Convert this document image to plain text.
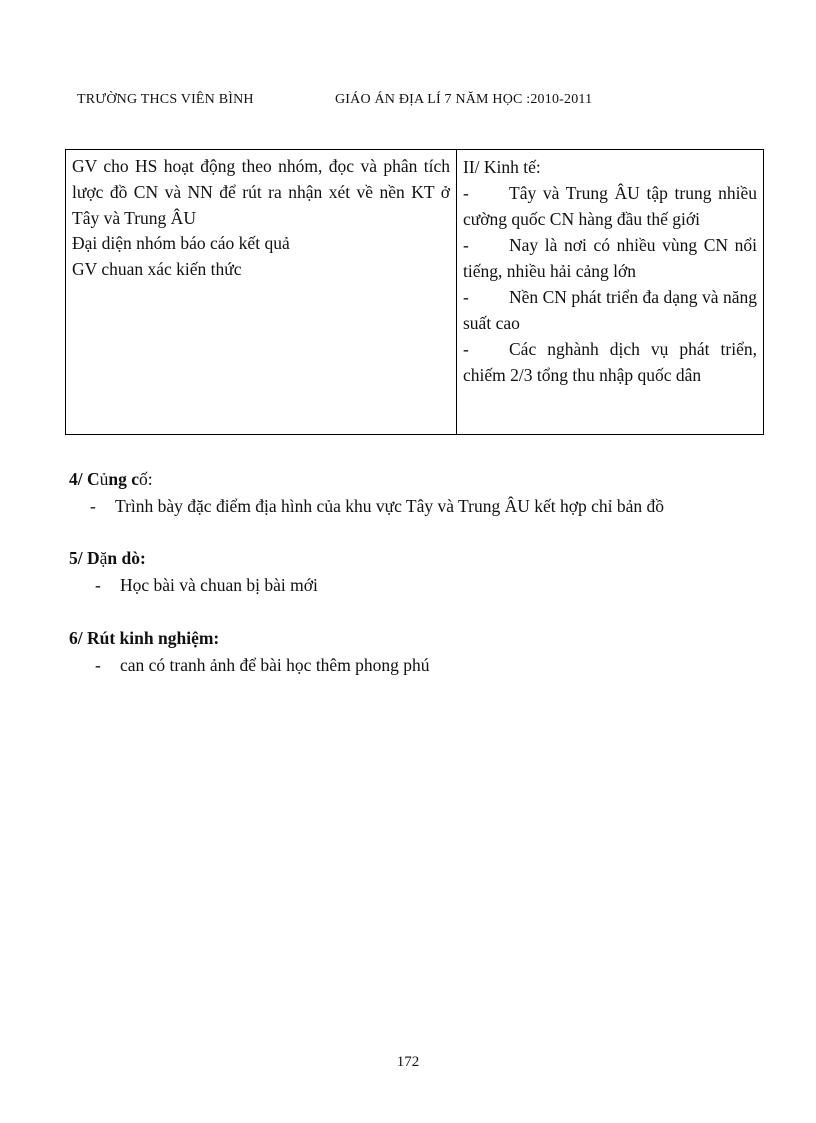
TRƯỜNG THCS VIÊN BÌNH	GIÁO ÁN ĐỊA LÍ 7 NĂM HỌC :2010-2011
GV cho HS hoạt động theo nhóm, đọc và phân tích lược đồ CN và NN để rút ra nhận xét về nền KT ở Tây và Trung ÂU
Đại diện nhóm báo cáo kết quả
GV chuan xác kiến thức
II/ Kinh tế:
- Tây và Trung ÂU tập trung nhiều cường quốc CN hàng đầu thế giới
- Nay là nơi có nhiều vùng CN nổi tiếng, nhiều hải cảng lớn
- Nền CN phát triển đa dạng và năng suất cao
- Các nghành dịch vụ phát triển, chiếm 2/3 tổng thu nhập quốc dân
4/ Củng cố:
- Trình bày đặc điểm địa hình của khu vực Tây và Trung ÂU kết hợp chỉ bản đồ
5/ Dặn dò:
- Học bài và chuan bị bài mới
6/ Rút kinh nghiệm:
- can có tranh ảnh để bài học thêm phong phú
172
